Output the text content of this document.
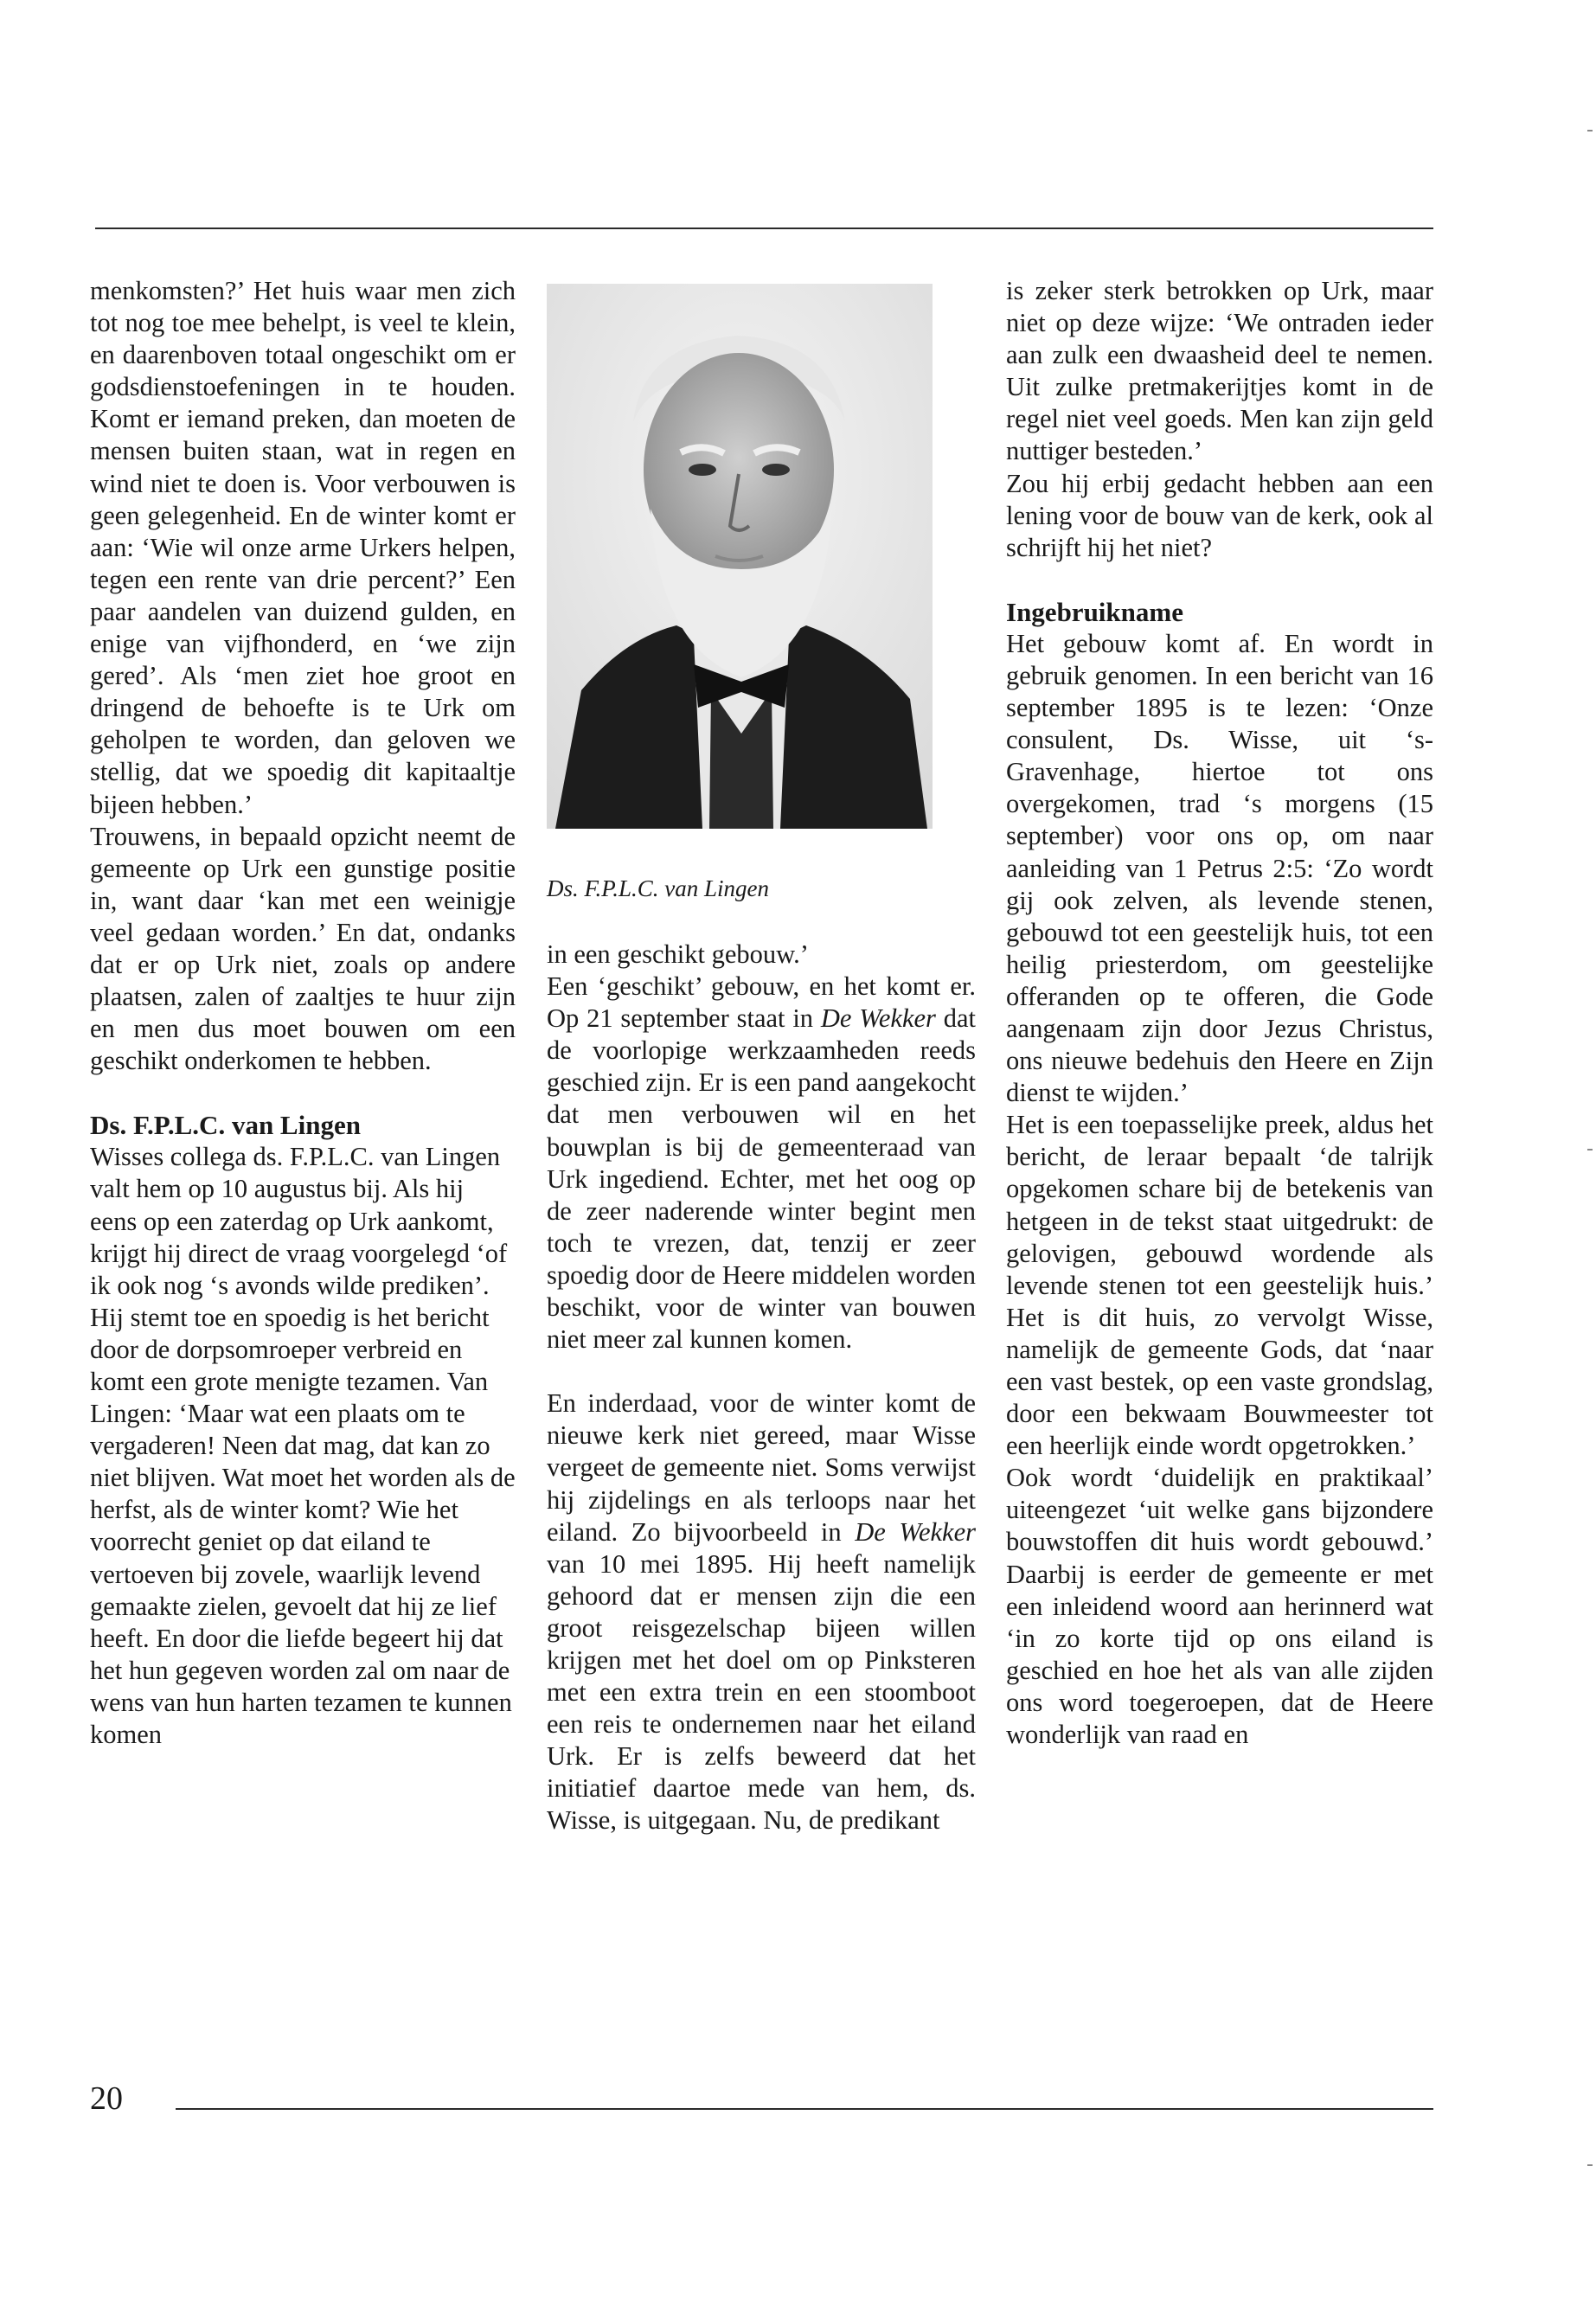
menkomsten?’ Het huis waar men zich tot nog toe mee behelpt, is veel te klein, en daarenboven totaal ongeschikt om er godsdienstoefeningen in te houden. Komt er iemand preken, dan moeten de mensen buiten staan, wat in regen en wind niet te doen is. Voor verbouwen is geen gelegenheid. En de winter komt er aan: ‘Wie wil onze arme Urkers helpen, tegen een rente van drie percent?’ Een paar aandelen van duizend gulden, en enige van vijfhonderd, en ‘we zijn gered’. Als ‘men ziet hoe groot en dringend de behoefte is te Urk om geholpen te worden, dan geloven we stellig, dat we spoedig dit kapitaaltje bijeen hebben.’

Trouwens, in bepaald opzicht neemt de gemeente op Urk een gunstige positie in, want daar ‘kan met een weinigje veel gedaan worden.’ En dat, ondanks dat er op Urk niet, zoals op andere plaatsen, zalen of zaaltjes te huur zijn en men dus moet bouwen om een geschikt onderkomen te hebben.

Ds. F.P.L.C. van Lingen

Wisses collega ds. F.P.L.C. van Lingen valt hem op 10 augustus bij. Als hij eens op een zaterdag op Urk aankomt, krijgt hij direct de vraag voorgelegd ‘of ik ook nog ‘s avonds wilde prediken’. Hij stemt toe en spoedig is het bericht door de dorpsomroeper verbreid en komt een grote menigte tezamen. Van Lingen: ‘Maar wat een plaats om te vergaderen! Neen dat mag, dat kan zo niet blijven. Wat moet het worden als de herfst, als de winter komt? Wie het voorrecht geniet op dat eiland te vertoeven bij zovele, waarlijk levend gemaakte zielen, gevoelt dat hij ze lief heeft. En door die liefde begeert hij dat het hun gegeven worden zal om naar de wens van hun harten tezamen te kunnen komen

Ds. F.P.L.C. van Lingen

in een geschikt gebouw.’

Een ‘geschikt’ gebouw, en het komt er. Op 21 september staat in De Wekker dat de voorlopige werkzaamheden reeds geschied zijn. Er is een pand aangekocht dat men verbouwen wil en het bouwplan is bij de gemeenteraad van Urk ingediend. Echter, met het oog op de zeer naderende winter begint men toch te vrezen, dat, tenzij er zeer spoedig door de Heere middelen worden beschikt, voor de winter van bouwen niet meer zal kunnen komen.

En inderdaad, voor de winter komt de nieuwe kerk niet gereed, maar Wisse vergeet de gemeente niet. Soms verwijst hij zijdelings en als terloops naar het eiland. Zo bijvoorbeeld in De Wekker van 10 mei 1895. Hij heeft namelijk gehoord dat er mensen zijn die een groot reisgezelschap bijeen willen krijgen met het doel om op Pinksteren met een extra trein en een stoomboot een reis te ondernemen naar het eiland Urk. Er is zelfs beweerd dat het initiatief daartoe mede van hem, ds. Wisse, is uitgegaan. Nu, de predikant

is zeker sterk betrokken op Urk, maar niet op deze wijze: ‘We ontraden ieder aan zulk een dwaasheid deel te nemen. Uit zulke pretmakerijtjes komt in de regel niet veel goeds. Men kan zijn geld nuttiger besteden.’

Zou hij erbij gedacht hebben aan een lening voor de bouw van de kerk, ook al schrijft hij het niet?

Ingebruikname

Het gebouw komt af. En wordt in gebruik genomen. In een bericht van 16 september 1895 is te lezen: ‘Onze consulent, Ds. Wisse, uit ‘s-Gravenhage, hiertoe tot ons overgekomen, trad ‘s morgens (15 september) voor ons op, om naar aanleiding van 1 Petrus 2:5: ‘Zo wordt gij ook zelven, als levende stenen, gebouwd tot een geestelijk huis, tot een heilig priesterdom, om geestelijke offeranden op te offeren, die Gode aangenaam zijn door Jezus Christus, ons nieuwe bedehuis den Heere en Zijn dienst te wijden.’

Het is een toepasselijke preek, aldus het bericht, de leraar bepaalt ‘de talrijk opgekomen schare bij de betekenis van hetgeen in de tekst staat uitgedrukt: de gelovigen, gebouwd wordende als levende stenen tot een geestelijk huis.’ Het is dit huis, zo vervolgt Wisse, namelijk de gemeente Gods, dat ‘naar een vast bestek, op een vaste grondslag, door een bekwaam Bouwmeester tot een heerlijk einde wordt opgetrokken.’

Ook wordt ‘duidelijk en praktikaal’ uiteengezet ‘uit welke gans bijzondere bouwstoffen dit huis wordt gebouwd.’ Daarbij is eerder de gemeente er met een inleidend woord aan herinnerd wat ‘in zo korte tijd op ons eiland is geschied en hoe het als van alle zijden ons word toegeroepen, dat de Heere wonderlijk van raad en

20
